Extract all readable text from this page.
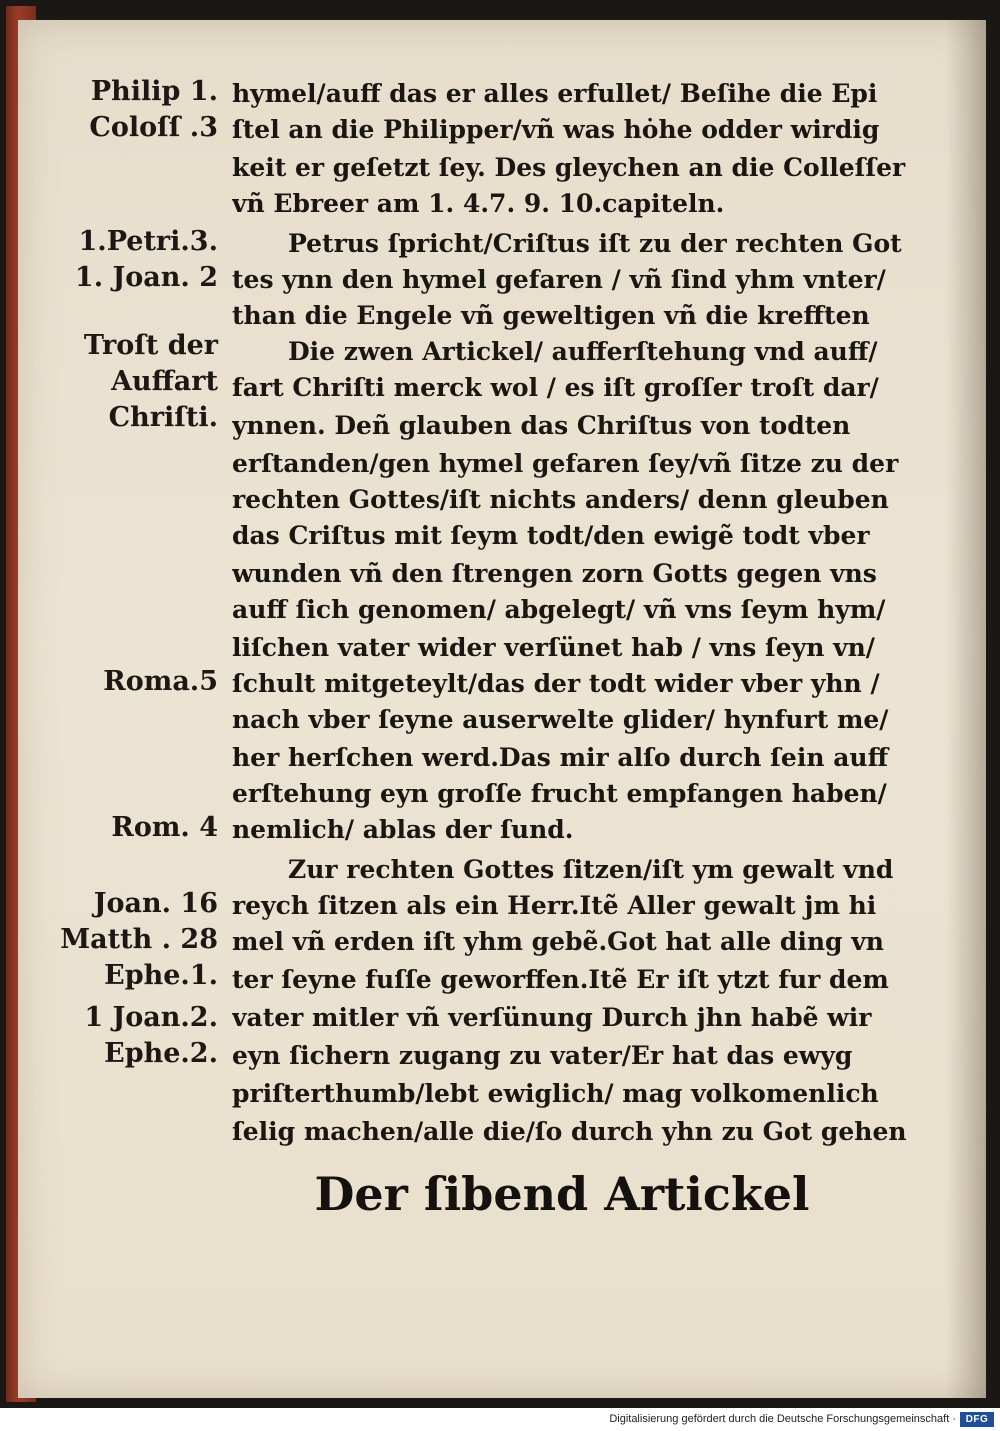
Philip 1.
Coloſſ .3
1.Petri.3.
1. Joan. 2
Troſt der
Auffart
Chriſti.
Roma.5
Rom. 4
Joan. 16
Matth . 28
Ephe.1.
1 Joan.2.
Ephe.2.
hymel/auff das er alles erfullet/ Beſihe die Epi
ſtel an die Philipper/vñ was hȯhe odder wirdig
keit er geſetzt ſey. Des gleychen an die Colleſſer
vñ Ebreer am 1. 4.7. 9. 10.capiteln.
Petrus ſpricht/Criſtus iſt zu der rechten Got
tes ynn den hymel gefaren / vñ ſind yhm vnter/
than die Engele vñ geweltigen vñ die krefften
Die zwen Artickel/ aufferſtehung vnd auff/
fart Chriſti merck wol / es iſt groſſer troſt dar/
ynnen. Deñ glauben das Chriſtus von todten
erſtanden/gen hymel gefaren ſey/vñ ſitze zu der
rechten Gottes/iſt nichts anders/ denn gleuben
das Criſtus mit ſeym todt/den ewigẽ todt vber
wunden vñ den ſtrengen zorn Gotts gegen vns
auff ſich genomen/ abgelegt/ vñ vns ſeym hym/
liſchen vater wider verſünet hab / vns ſeyn vn/
ſchult mitgeteylt/das der todt wider vber yhn /
nach vber ſeyne auserwelte glider/ hynfurt me/
her herſchen werd.Das mir alſo durch ſein auff
erſtehung eyn groſſe frucht empfangen haben/
nemlich/ ablas der ſund.
Zur rechten Gottes ſitzen/iſt ym gewalt vnd
reych ſitzen als ein Herr.Itẽ Aller gewalt jm hi
mel vñ erden iſt yhm gebẽ.Got hat alle ding vn
ter ſeyne fuſſe geworffen.Itẽ Er iſt ytzt fur dem
vater mitler vñ verſünung Durch jhn habẽ wir
eyn ſichern zugang zu vater/Er hat das ewyg
priſterthumb/lebt ewiglich/ mag volkomenlich
ſelig machen/alle die/ſo durch yhn zu Got gehen
Der ſibend Artickel
Digitalisierung gefördert durch die Deutsche Forschungsgemeinschaft · DFG
